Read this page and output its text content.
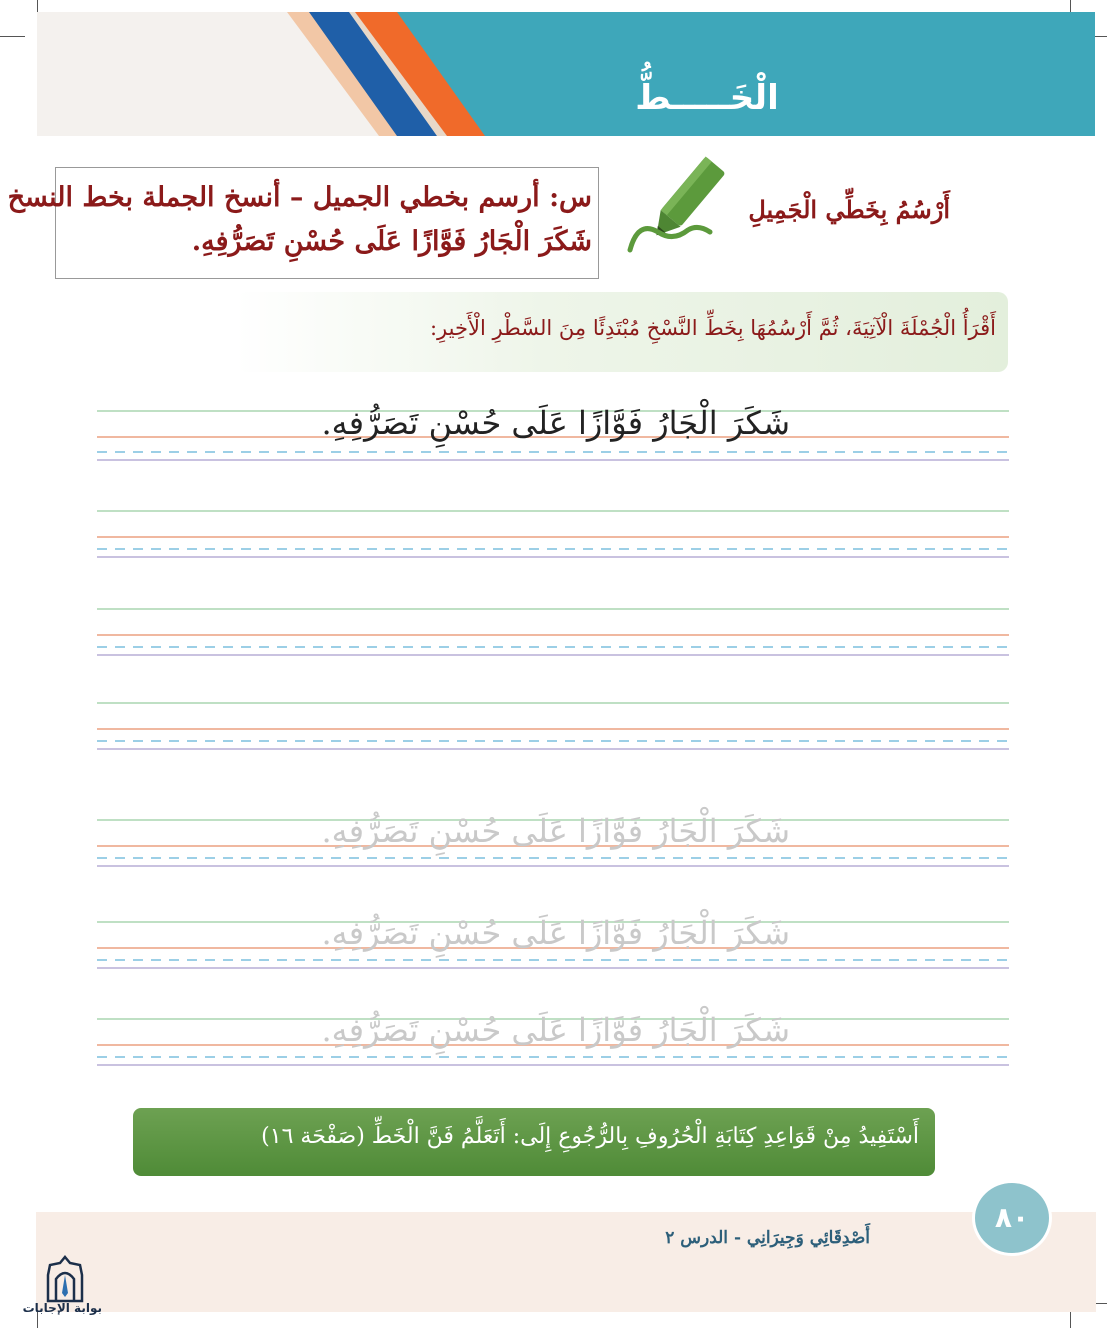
الْخَـــــطُّ
س: أرسم بخطي الجميل – أنسخ الجملة بخط النسخ
شَكَرَ الْجَارُ فَوَّازًا عَلَى حُسْنِ تَصَرُّفِهِ.
أَرْسُمُ بِخَطِّي الْجَمِيلِ
أَقْرَأُ الْجُمْلَةَ الْآتِيَةَ، ثُمَّ أَرْسُمُهَا بِخَطِّ النَّسْخِ مُبْتَدِئًا مِنَ السَّطْرِ الْأَخِيرِ:
شَكَرَ الْجَارُ فَوَّازًا عَلَى حُسْنِ تَصَرُّفِهِ.
شَكَرَ الْجَارُ فَوَّازًا عَلَى حُسْنِ تَصَرُّفِهِ.
شَكَرَ الْجَارُ فَوَّازًا عَلَى حُسْنِ تَصَرُّفِهِ.
شَكَرَ الْجَارُ فَوَّازًا عَلَى حُسْنِ تَصَرُّفِهِ.
أَسْتَفِيدُ مِنْ قَوَاعِدِ كِتَابَةِ الْحُرُوفِ بِالرُّجُوعِ إِلَى: أَتَعَلَّمُ فَنَّ الْخَطِّ (صَفْحَة ١٦)
٨٠
أَصْدِقَائِي وَجِيرَانِي - الدرس ٢
بوابة الإجابات
